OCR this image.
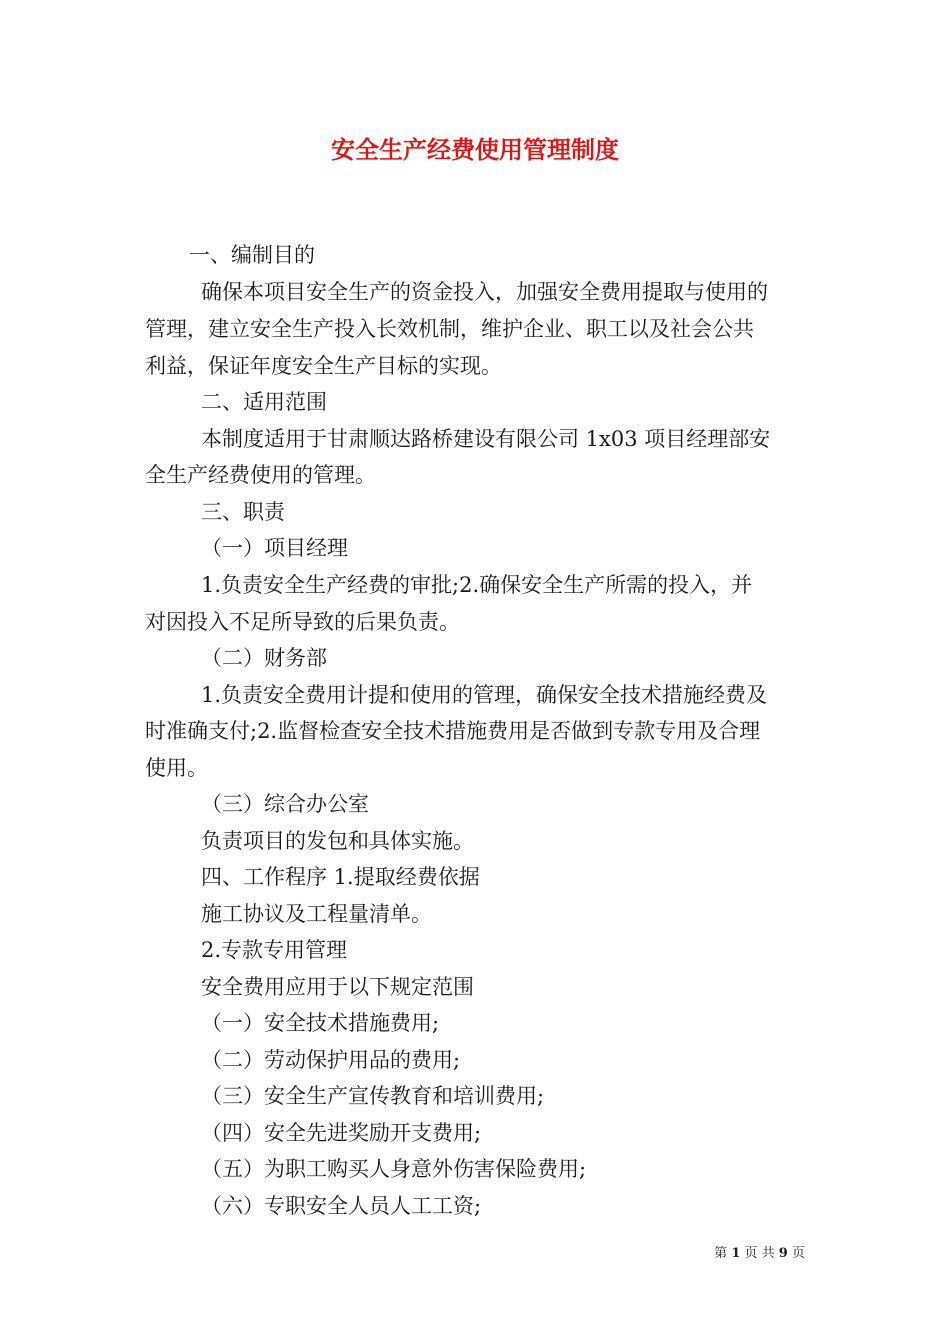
安全生产经费使用管理制度
一、编制目的
确保本项目安全生产的资金投入，加强安全费用提取与使用的
管理，建立安全生产投入长效机制，维护企业、职工以及社会公共
利益，保证年度安全生产目标的实现。
二、适用范围
本制度适用于甘肃顺达路桥建设有限公司 1x03 项目经理部安
全生产经费使用的管理。
三、职责
（一）项目经理
1.负责安全生产经费的审批;2.确保安全生产所需的投入，并
对因投入不足所导致的后果负责。
（二）财务部
1.负责安全费用计提和使用的管理，确保安全技术措施经费及
时准确支付;2.监督检查安全技术措施费用是否做到专款专用及合理
使用。
（三）综合办公室
负责项目的发包和具体实施。
四、工作程序 1.提取经费依据
施工协议及工程量清单。
2.专款专用管理
安全费用应用于以下规定范围
（一）安全技术措施费用;
（二）劳动保护用品的费用;
（三）安全生产宣传教育和培训费用;
（四）安全先进奖励开支费用;
（五）为职工购买人身意外伤害保险费用;
（六）专职安全人员人工工资;
第 1 页 共 9 页
